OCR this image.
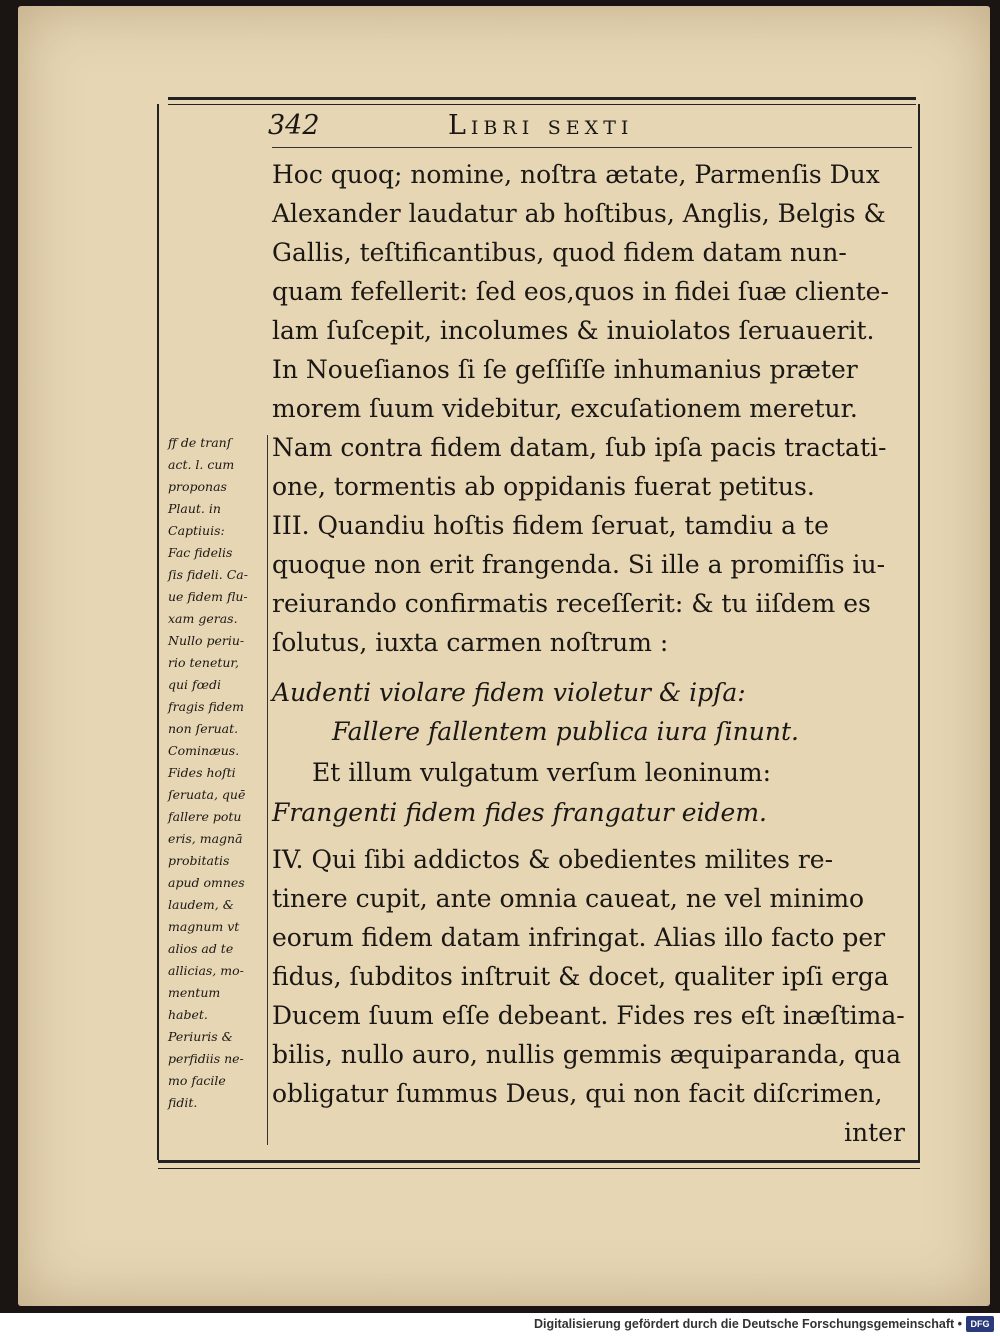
342	Libri sexti
Hoc quoq; nomine, noſtra ætate, Parmenſis Dux
Alexander laudatur ab hoſtibus, Anglis, Belgis &
Gallis, teſtificantibus, quod fidem datam nun-
quam fefellerit: ſed eos,quos in fidei ſuæ cliente-
lam ſuſcepit, incolumes & inuiolatos ſeruauerit.
In Noueſianos ſi ſe geſſiſſe inhumanius præter
morem ſuum videbitur, excuſationem meretur.
Nam contra fidem datam, ſub ipſa pacis tractati-
one, tormentis ab oppidanis fuerat petitus.
III. Quandiu hoſtis fidem ſeruat, tamdiu a te
quoque non erit frangenda. Si ille a promiſſis iu-
reiurando confirmatis receſſerit: & tu iiſdem es
ſolutus, iuxta carmen noſtrum :
Audenti violare fidem violetur & ipſa:
Fallere fallentem publica iura ſinunt.
Et illum vulgatum verſum leoninum:
Frangenti fidem fides frangatur eidem.
IV. Qui ſibi addictos & obedientes milites re-
tinere cupit, ante omnia caueat, ne vel minimo
eorum fidem datam infringat. Alias illo facto per
fidus, ſubditos inſtruit & docet, qualiter ipſi erga
Ducem ſuum eſſe debeant. Fides res eſt inæſtima-
bilis, nullo auro, nullis gemmis æquiparanda, qua
obligatur ſummus Deus, qui non facit diſcrimen,
inter
ff de tranſ
act. l. cum
proponas
Plaut. in
Captiuis:
Fac fidelis
ſis fideli. Ca-
ue fidem flu-
xam geras.
Nullo periu-
rio tenetur,
qui fœdi
fragis fidem
non ſeruat.
Cominæus.
Fides hoſti
ſeruata, quē
fallere potu
eris, magnā
probitatis
apud omnes
laudem, &
magnum vt
alios ad te
allicias, mo-
mentum
habet.
Periuris &
perfidiis ne-
mo facile
fidit.
Digitalisierung gefördert durch die Deutsche Forschungsgemeinschaft • DFG
